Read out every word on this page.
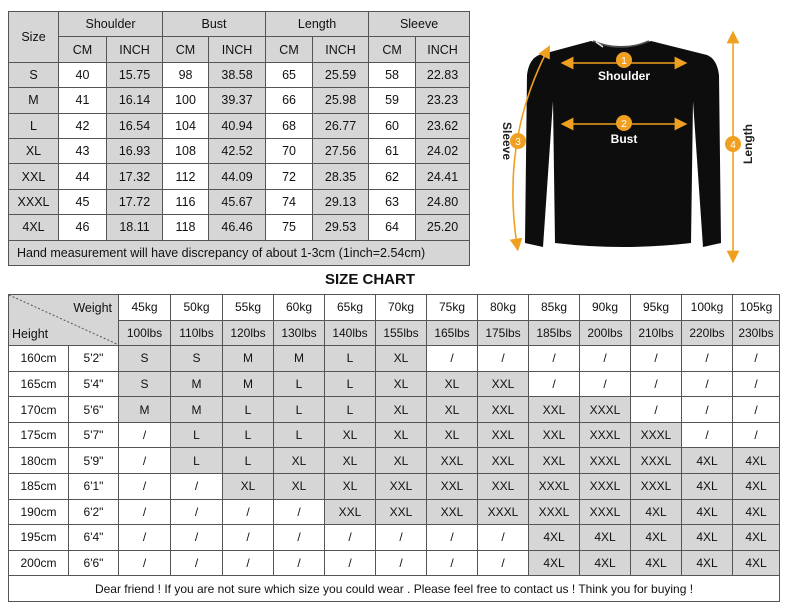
Size	Shoulder		Bust		Length		Sleeve	
	CM	INCH	CM	INCH	CM	INCH	CM	INCH
S	40	15.75	98	38.58	65	25.59	58	22.83
M	41	16.14	100	39.37	66	25.98	59	23.23
L	42	16.54	104	40.94	68	26.77	60	23.62
XL	43	16.93	108	42.52	70	27.56	61	24.02
XXL	44	17.32	112	44.09	72	28.35	62	24.41
XXXL	45	17.72	116	45.67	74	29.13	63	24.80
4XL	46	18.11	118	46.46	75	29.53	64	25.20
Hand measurement will have discrepancy of about 1-3cm (1inch=2.54cm)								
1
2
3	4
Shoulder
Bust
Sleeve	Length
SIZE CHART
Weight
Height		45kg	50kg	55kg	60kg	65kg	70kg	75kg	80kg	85kg	90kg	95kg	100kg	105kg
		100lbs	110lbs	120lbs	130lbs	140lbs	155lbs	165lbs	175lbs	185lbs	200lbs	210lbs	220lbs	230lbs
160cm	5'2"	S	S	M	M	L	XL	/	/	/	/	/	/	/
165cm	5'4"	S	M	M	L	L	XL	XL	XXL	/	/	/	/	/
170cm	5'6"	M	M	L	L	L	XL	XL	XXL	XXL	XXXL	/	/	/
175cm	5'7"	/	L	L	L	XL	XL	XL	XXL	XXL	XXXL	XXXL	/	/
180cm	5'9"	/	L	L	XL	XL	XL	XXL	XXL	XXL	XXXL	XXXL	4XL	4XL
185cm	6'1"	/	/	XL	XL	XL	XXL	XXL	XXL	XXXL	XXXL	XXXL	4XL	4XL
190cm	6'2"	/	/	/	/	XXL	XXL	XXL	XXXL	XXXL	XXXL	4XL	4XL	4XL
195cm	6'4"	/	/	/	/	/	/	/	/	4XL	4XL	4XL	4XL	4XL
200cm	6'6"	/	/	/	/	/	/	/	/	4XL	4XL	4XL	4XL	4XL
Dear friend ! If you are not sure which size you could wear . Please feel free to contact us ! Think you for buying !														
